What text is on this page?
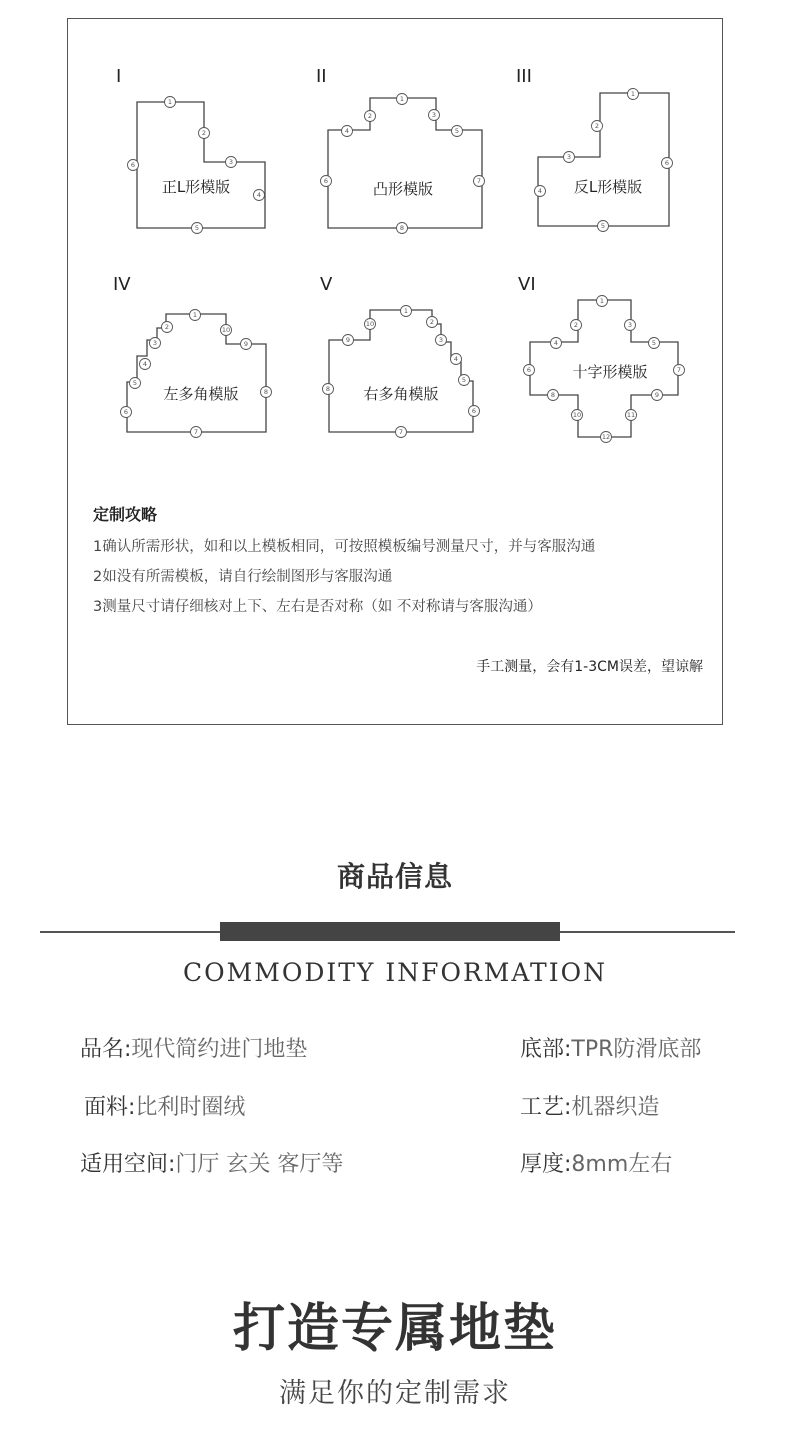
I
正L形模版
1
2
3
4
5
6
II
凸形模版
1
2	3
4	5
6	7
8
III
反L形模版
1
2
3
4
5
6
IV
左多角模版
1
2
3
4
5
6
7
8
9
10
V
右多角模版
1
2
3
4
5
6
7
8
9
10
VI
十字形模版
1
2	3
4	5
6	7
8	9
10	11
12
定制攻略
1确认所需形状，如和以上模板相同，可按照模板编号测量尺寸，并与客服沟通
2如没有所需模板，请自行绘制图形与客服沟通
3测量尺寸请仔细核对上下、左右是否对称（如 不对称请与客服沟通）
手工测量，会有1-3CM误差，望谅解
商品信息
COMMODITY INFORMATION
品名:现代简约进门地垫	底部:TPR防滑底部
面料:比利时圈绒	工艺:机器织造
适用空间:门厅 玄关 客厅等	厚度:8mm左右
打造专属地垫
满足你的定制需求
